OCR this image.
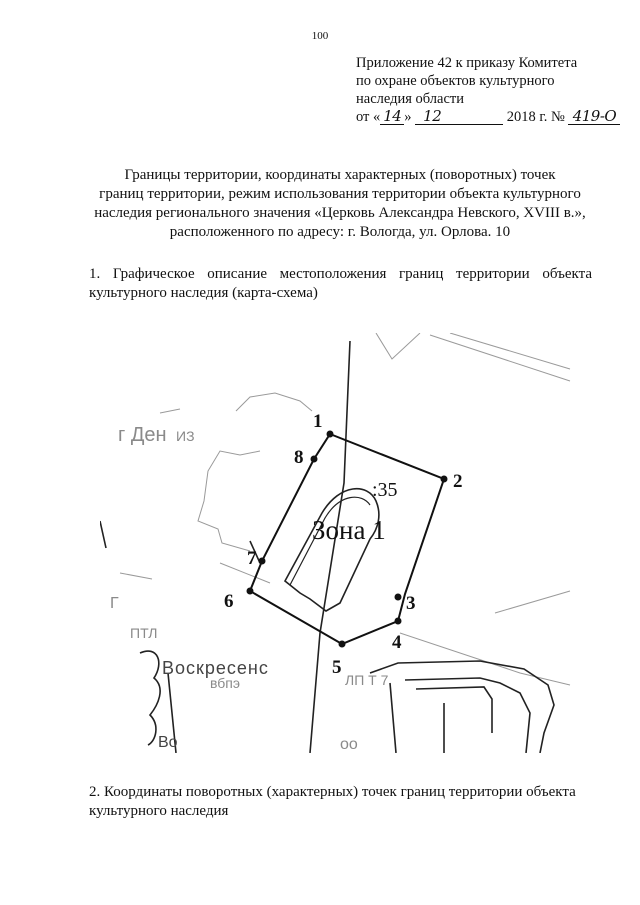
100
Приложение 42 к приказу Комитета
по охране объектов культурного
наследия области
от « 14 » 12	2018 г. № 419-О
Границы территории, координаты характерных (поворотных) точек
границ территории, режим использования территории объекта культурного
наследия регионального значения «Церковь Александра Невского, XVIII в.»,
расположенного по адресу: г. Вологда, ул. Орлова. 10
1. Графическое описание местоположения границ территории объекта культурного наследия (карта-схема)
г Ден ИЗ
Г
ПТЛ
ЛП Т 7
вбпэ
оо
1
2
3
4
5
6
7
8
:35
Зона 1
Воскресенс
Во
2. Координаты поворотных (характерных) точек границ территории объекта культурного наследия
